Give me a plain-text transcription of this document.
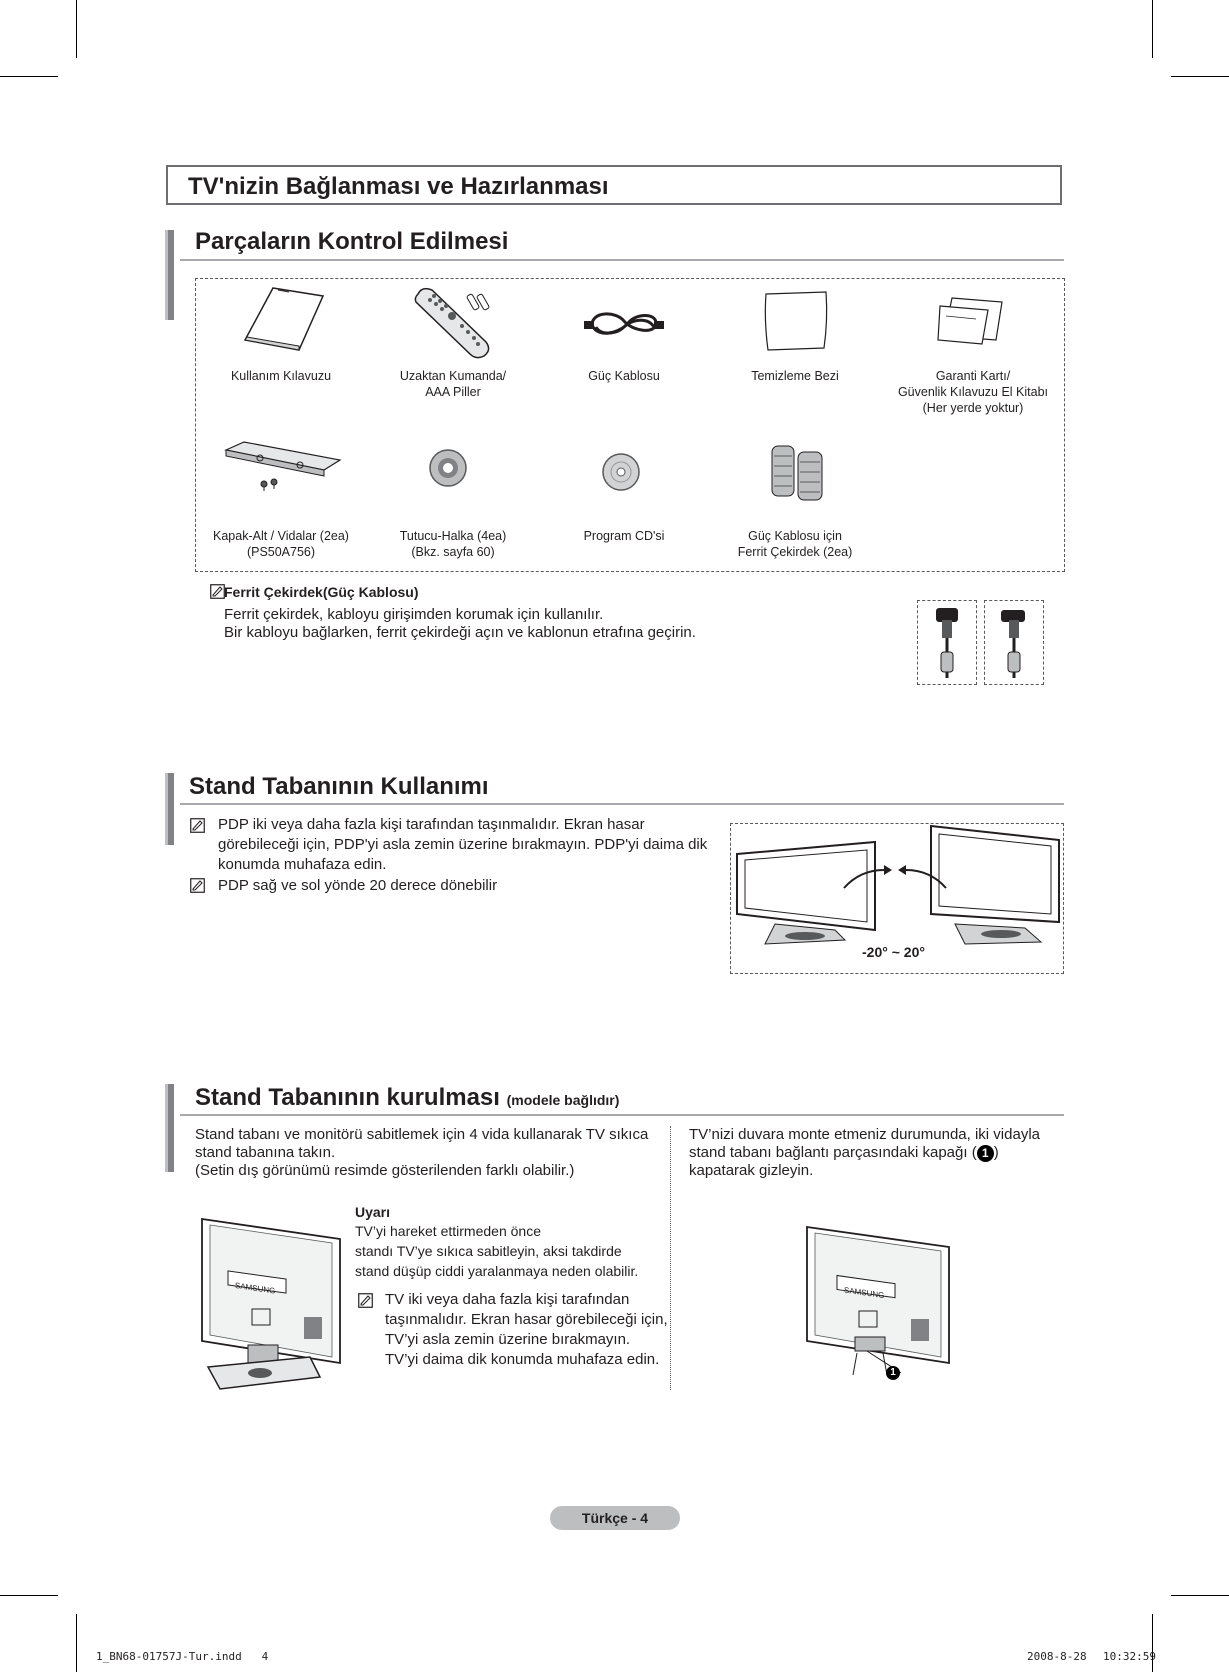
TV'nizin Bağlanması ve Hazırlanması
Parçaların Kontrol Edilmesi
Kullanım Kılavuzu	Uzaktan Kumanda/
AAA Piller
Güç Kablosu	Temizleme Bezi	Garanti Kartı/
Güvenlik Kılavuzu El Kitabı
(Her yerde yoktur)
Kapak-Alt / Vidalar (2ea)
(PS50A756)
Tutucu-Halka (4ea)
(Bkz. sayfa 60)
Program CD'si	Güç Kablosu için
Ferrit Çekirdek (2ea)
Ferrit Çekirdek(Güç Kablosu)
Ferrit çekirdek, kabloyu girişimden korumak için kullanılır.
Bir kabloyu bağlarken, ferrit çekirdeği açın ve kablonun etrafına geçirin.
Stand Tabanının Kullanımı
PDP iki veya daha fazla kişi tarafından taşınmalıdır. Ekran hasar
görebileceği için, PDP'yi asla zemin üzerine bırakmayın. PDP'yi daima dik
konumda muhafaza edin.
PDP sağ ve sol yönde 20 derece dönebilir
-20° ~ 20°
Stand Tabanının kurulması (modele bağlıdır)
Stand tabanı ve monitörü sabitlemek için 4 vida kullanarak TV sıkıca
stand tabanına takın.
(Setin dış görünümü resimde gösterilenden farklı olabilir.)
TV’nizi duvara monte etmeniz durumunda, iki vidayla
stand tabanı bağlantı parçasındaki kapağı ( 1 )
kapatarak gizleyin.
SAMSUNG
Uyarı
TV’yi hareket ettirmeden önce
standı TV’ye sıkıca sabitleyin, aksi takdirde
stand düşüp ciddi yaralanmaya neden olabilir.
TV iki veya daha fazla kişi tarafından
taşınmalıdır. Ekran hasar görebileceği için,
TV’yi asla zemin üzerine bırakmayın.
TV’yi daima dik konumda muhafaza edin.
SAMSUNG
1
Türkçe - 4
1_BN68-01757J-Tur.indd   4	2008-8-28 10:32:59
